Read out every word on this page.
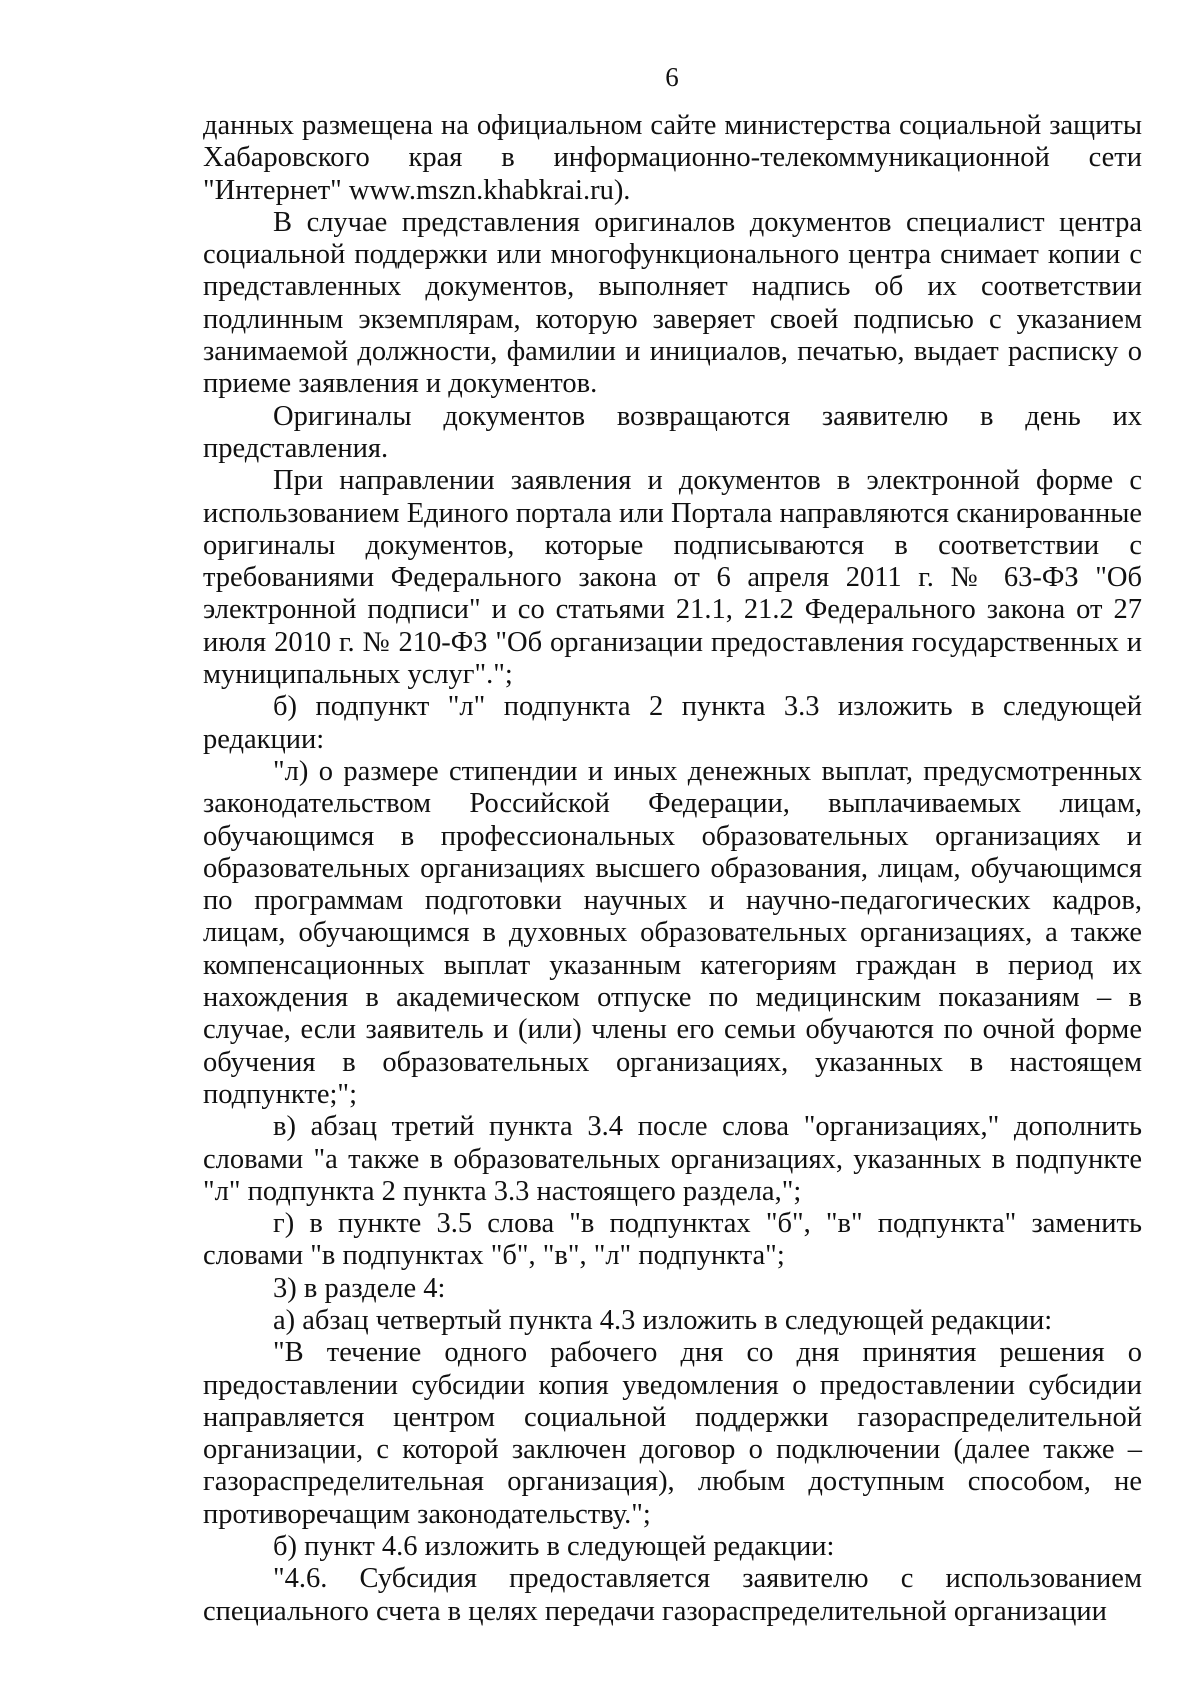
6

данных размещена на официальном сайте министерства социальной защиты Хабаровского края в информационно-телекоммуникационной сети "Интернет" www.mszn.khabkrai.ru).

В случае представления оригиналов документов специалист центра социальной поддержки или многофункционального центра снимает копии с представленных документов, выполняет надпись об их соответствии подлинным экземплярам, которую заверяет своей подписью с указанием занимаемой должности, фамилии и инициалов, печатью, выдает расписку о приеме заявления и документов.

Оригиналы документов возвращаются заявителю в день их представления.

При направлении заявления и документов в электронной форме с использованием Единого портала или Портала направляются сканированные оригиналы документов, которые подписываются в соответствии с требованиями Федерального закона от 6 апреля 2011 г. № 63-ФЗ "Об электронной подписи" и со статьями 21.1, 21.2 Федерального закона от 27 июля 2010 г. № 210-ФЗ "Об организации предоставления государственных и муниципальных услуг".";

б) подпункт "л" подпункта 2 пункта 3.3 изложить в следующей редакции:

"л) о размере стипендии и иных денежных выплат, предусмотренных законодательством Российской Федерации, выплачиваемых лицам, обучающимся в профессиональных образовательных организациях и образовательных организациях высшего образования, лицам, обучающимся по программам подготовки научных и научно-педагогических кадров, лицам, обучающимся в духовных образовательных организациях, а также компенсационных выплат указанным категориям граждан в период их нахождения в академическом отпуске по медицинским показаниям – в случае, если заявитель и (или) члены его семьи обучаются по очной форме обучения в образовательных организациях, указанных в настоящем подпункте;";

в) абзац третий пункта 3.4 после слова "организациях," дополнить словами "а также в образовательных организациях, указанных в подпункте "л" подпункта 2 пункта 3.3 настоящего раздела,";

г) в пункте 3.5 слова "в подпунктах "б", "в" подпункта" заменить словами "в подпунктах "б", "в", "л" подпункта";

3) в разделе 4:

а) абзац четвертый пункта 4.3 изложить в следующей редакции:

"В течение одного рабочего дня со дня принятия решения о предоставлении субсидии копия уведомления о предоставлении субсидии направляется центром социальной поддержки газораспределительной организации, с которой заключен договор о подключении (далее также – газораспределительная организация), любым доступным способом, не противоречащим законодательству.";

б) пункт 4.6 изложить в следующей редакции:

"4.6. Субсидия предоставляется заявителю с использованием специального счета в целях передачи газораспределительной организации
